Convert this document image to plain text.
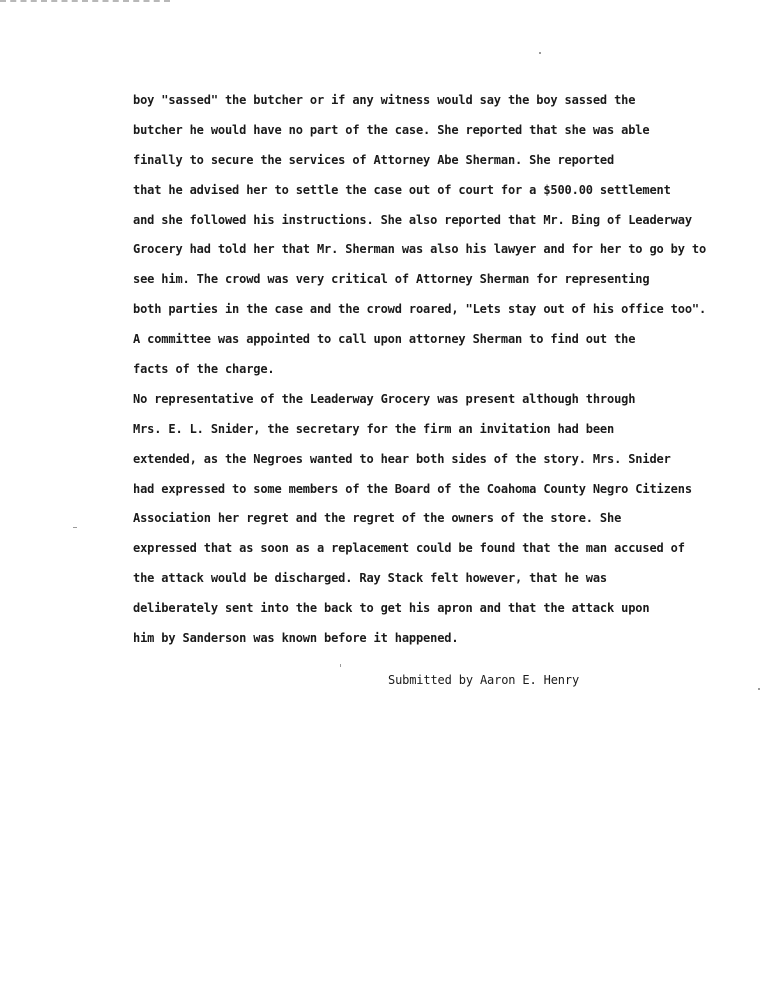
boy "sassed" the butcher or if any witness would say the boy sassed the
butcher he would have no part of the case. She reported that she was able
finally to secure the services of Attorney Abe Sherman. She reported
that he advised her to settle the case out of court for a $500.00 settlement
and she followed his instructions. She also reported that Mr. Bing of Leaderway
Grocery had told her that Mr. Sherman was also his lawyer and for her to go by to
see him. The crowd was very critical of Attorney Sherman for representing
both parties in the case and the crowd roared, "Lets stay out of his office too".
A committee was appointed to call upon attorney Sherman to find out the
facts of the charge.
No representative of the Leaderway Grocery was present although through
Mrs. E. L. Snider, the secretary for the firm an invitation had been
extended, as the Negroes wanted to hear both sides of the story. Mrs. Snider
had expressed to some members of the Board of the Coahoma County Negro Citizens
Association her regret and the regret of the owners of the store. She
expressed that as soon as a replacement could be found that the man accused of
the attack would be discharged. Ray Stack felt however, that he was
deliberately sent into the back to get his apron and that the attack upon
him by Sanderson was known before it happened.
Submitted by Aaron E. Henry
